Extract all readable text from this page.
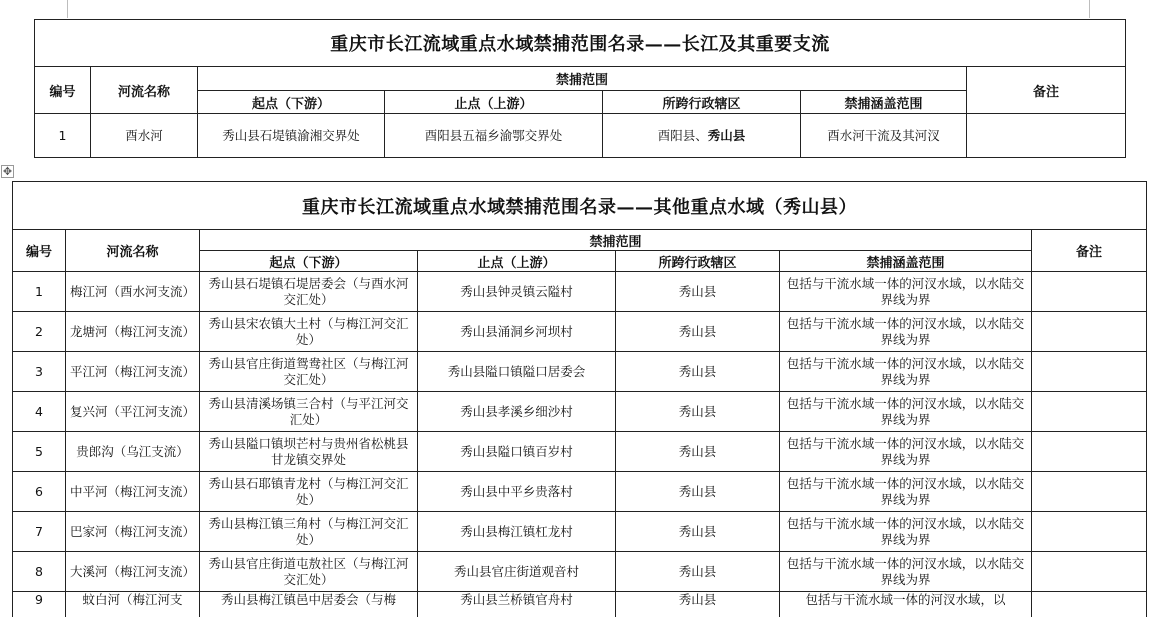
重庆市长江流域重点水域禁捕范围名录——长江及其重要支流						
编号	河流名称	禁捕范围				备注
		起点（下游）	止点（上游）	所跨行政辖区	禁捕涵盖范围	
1	酉水河	秀山县石堤镇渝湘交界处	酉阳县五福乡渝鄂交界处	酉阳县、秀山县	酉水河干流及其河汊	
✥
重庆市长江流域重点水域禁捕范围名录——其他重点水域（秀山县）						
编号	河流名称	禁捕范围				备注
		起点（下游）	止点（上游）	所跨行政辖区	禁捕涵盖范围	
1	梅江河（酉水河支流）	秀山县石堤镇石堤居委会（与酉水河交汇处）	秀山县钟灵镇云隘村	秀山县	包括与干流水域一体的河汊水域，以水陆交界线为界	
2	龙塘河（梅江河支流）	秀山县宋农镇大土村（与梅江河交汇处）	秀山县涌洞乡河坝村	秀山县	包括与干流水域一体的河汊水域，以水陆交界线为界	
3	平江河（梅江河支流）	秀山县官庄街道鸳鸯社区（与梅江河交汇处）	秀山县隘口镇隘口居委会	秀山县	包括与干流水域一体的河汊水域，以水陆交界线为界	
4	复兴河（平江河支流）	秀山县清溪场镇三合村（与平江河交汇处）	秀山县孝溪乡细沙村	秀山县	包括与干流水域一体的河汊水域，以水陆交界线为界	
5	贵郎沟（乌江支流）	秀山县隘口镇坝芒村与贵州省松桃县甘龙镇交界处	秀山县隘口镇百岁村	秀山县	包括与干流水域一体的河汊水域，以水陆交界线为界	
6	中平河（梅江河支流）	秀山县石耶镇青龙村（与梅江河交汇处）	秀山县中平乡贵落村	秀山县	包括与干流水域一体的河汊水域，以水陆交界线为界	
7	巴家河（梅江河支流）	秀山县梅江镇三角村（与梅江河交汇处）	秀山县梅江镇杠龙村	秀山县	包括与干流水域一体的河汊水域，以水陆交界线为界	
8	大溪河（梅江河支流）	秀山县官庄街道屯敖社区（与梅江河交汇处）	秀山县官庄街道观音村	秀山县	包括与干流水域一体的河汊水域，以水陆交界线为界	
9	蚊白河（梅江河支	秀山县梅江镇邑中居委会（与梅	秀山县兰桥镇官舟村	秀山县	包括与干流水域一体的河汊水域，以	
